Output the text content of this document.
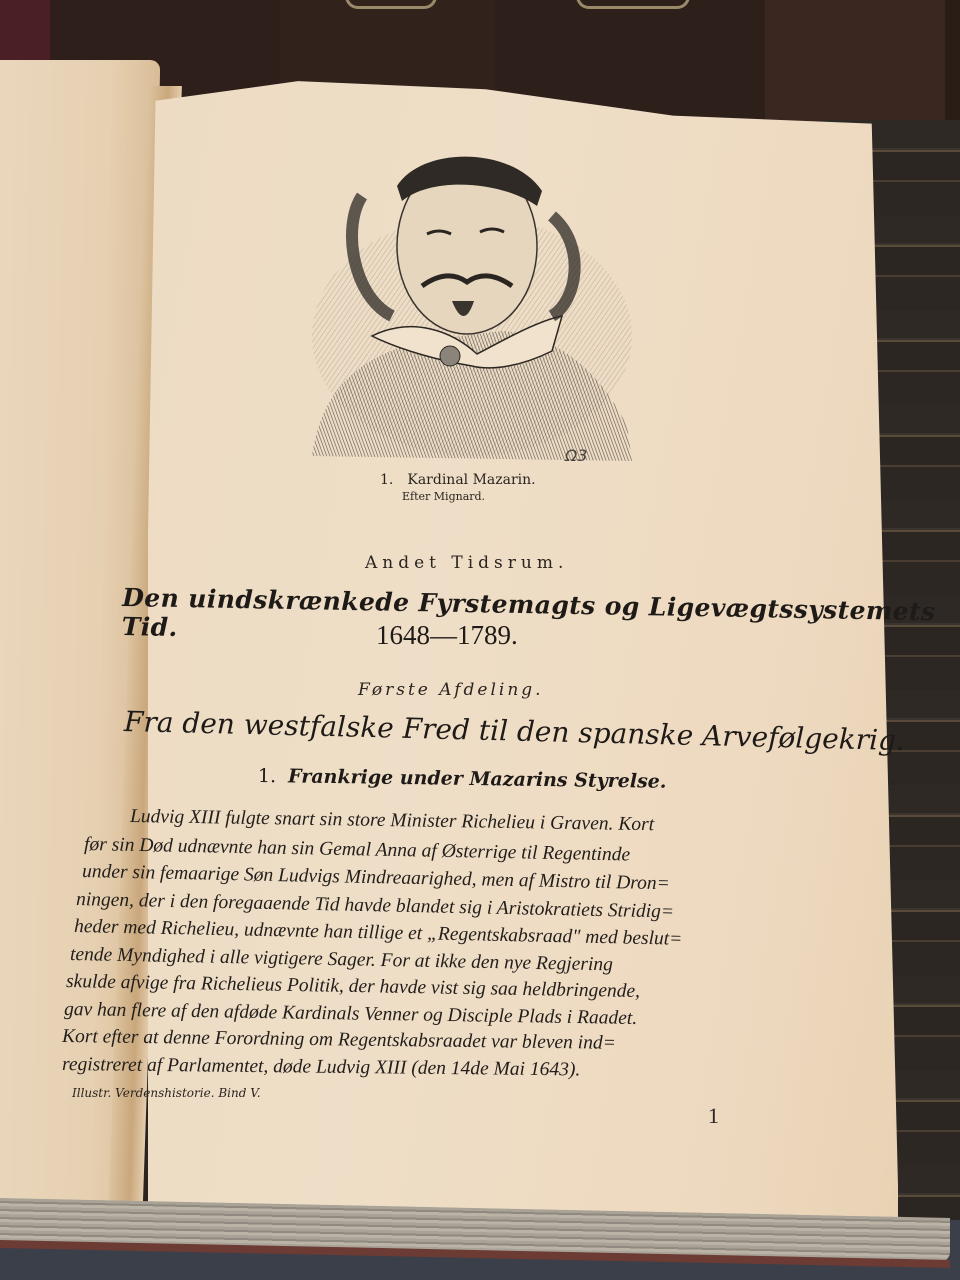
Ω3
1. Kardinal Mazarin.
Efter Mignard.
Andet Tidsrum.
Den uindskrænkede Fyrstemagts og Ligevægtssystemets Tid.	1648—1789.
Første Afdeling.
Fra den westfalske Fred til den spanske Arvefølgekrig.
1. Frankrige under Mazarins Styrelse.
Ludvig XIII fulgte snart sin store Minister Richelieu i Graven. Kort
før sin Død udnævnte han sin Gemal Anna af Østerrige til Regentinde
under sin femaarige Søn Ludvigs Mindreaarighed, men af Mistro til Dron=
ningen, der i den foregaaende Tid havde blandet sig i Aristokratiets Stridig=
heder med Richelieu, udnævnte han tillige et „Regentskabsraad" med beslut=
tende Myndighed i alle vigtigere Sager. For at ikke den nye Regjering
skulde afvige fra Richelieus Politik, der havde vist sig saa heldbringende,
gav han flere af den afdøde Kardinals Venner og Disciple Plads i Raadet.
Kort efter at denne Forordning om Regentskabsraadet var bleven ind=
registreret af Parlamentet, døde Ludvig XIII (den 14de Mai 1643).
Illustr. Verdenshistorie. Bind V.
1
